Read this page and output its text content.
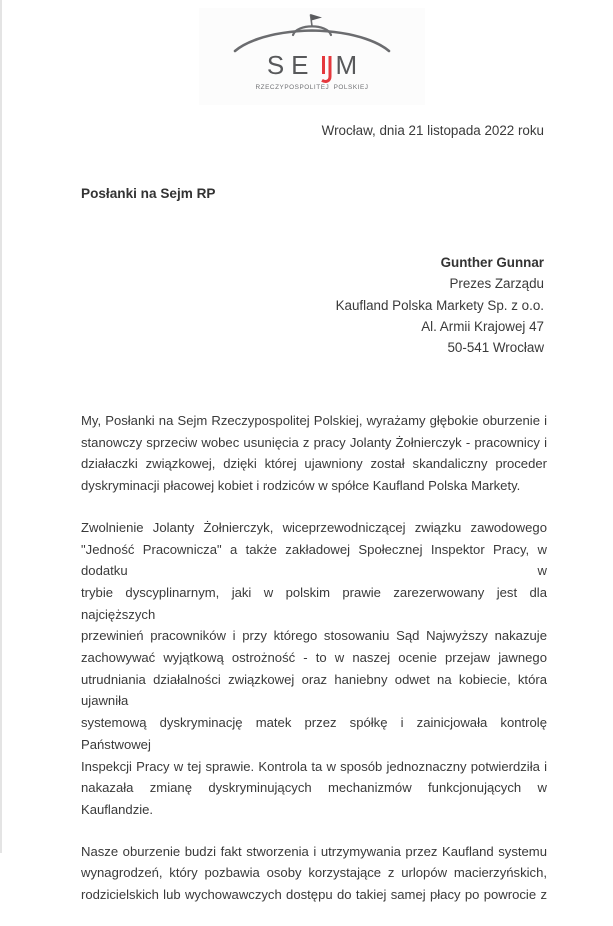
SE M
RZECZYPOSPOLITEJ POLSKIEJ
Wrocław, dnia 21 listopada 2022 roku
Posłanki na Sejm RP
Gunther Gunnar
Prezes Zarządu
Kaufland Polska Markety Sp. z o.o.
Al. Armii Krajowej 47
50-541 Wrocław
My, Posłanki na Sejm Rzeczypospolitej Polskiej, wyrażamy głębokie oburzenie i
stanowczy sprzeciw wobec usunięcia z pracy Jolanty Żołnierczyk - pracownicy i
działaczki związkowej, dzięki której ujawniony został skandaliczny proceder
dyskryminacji płacowej kobiet i rodziców w spółce Kaufland Polska Markety.
Zwolnienie Jolanty Żołnierczyk, wiceprzewodniczącej związku zawodowego
"Jedność Pracownicza" a także zakładowej Społecznej Inspektor Pracy, w dodatku w
trybie dyscyplinarnym, jaki w polskim prawie zarezerwowany jest dla najcięższych
przewinień pracowników i przy którego stosowaniu Sąd Najwyższy nakazuje
zachowywać wyjątkową ostrożność - to w naszej ocenie przejaw jawnego
utrudniania działalności związkowej oraz haniebny odwet na kobiecie, która ujawniła
systemową dyskryminację matek przez spółkę i zainicjowała kontrolę Państwowej
Inspekcji Pracy w tej sprawie. Kontrola ta w sposób jednoznaczny potwierdziła i
nakazała zmianę dyskryminujących mechanizmów funkcjonujących w Kauflandzie.
Nasze oburzenie budzi fakt stworzenia i utrzymywania przez Kaufland systemu
wynagrodzeń, który pozbawia osoby korzystające z urlopów macierzyńskich,
rodzicielskich lub wychowawczych dostępu do takiej samej płacy po powrocie z
